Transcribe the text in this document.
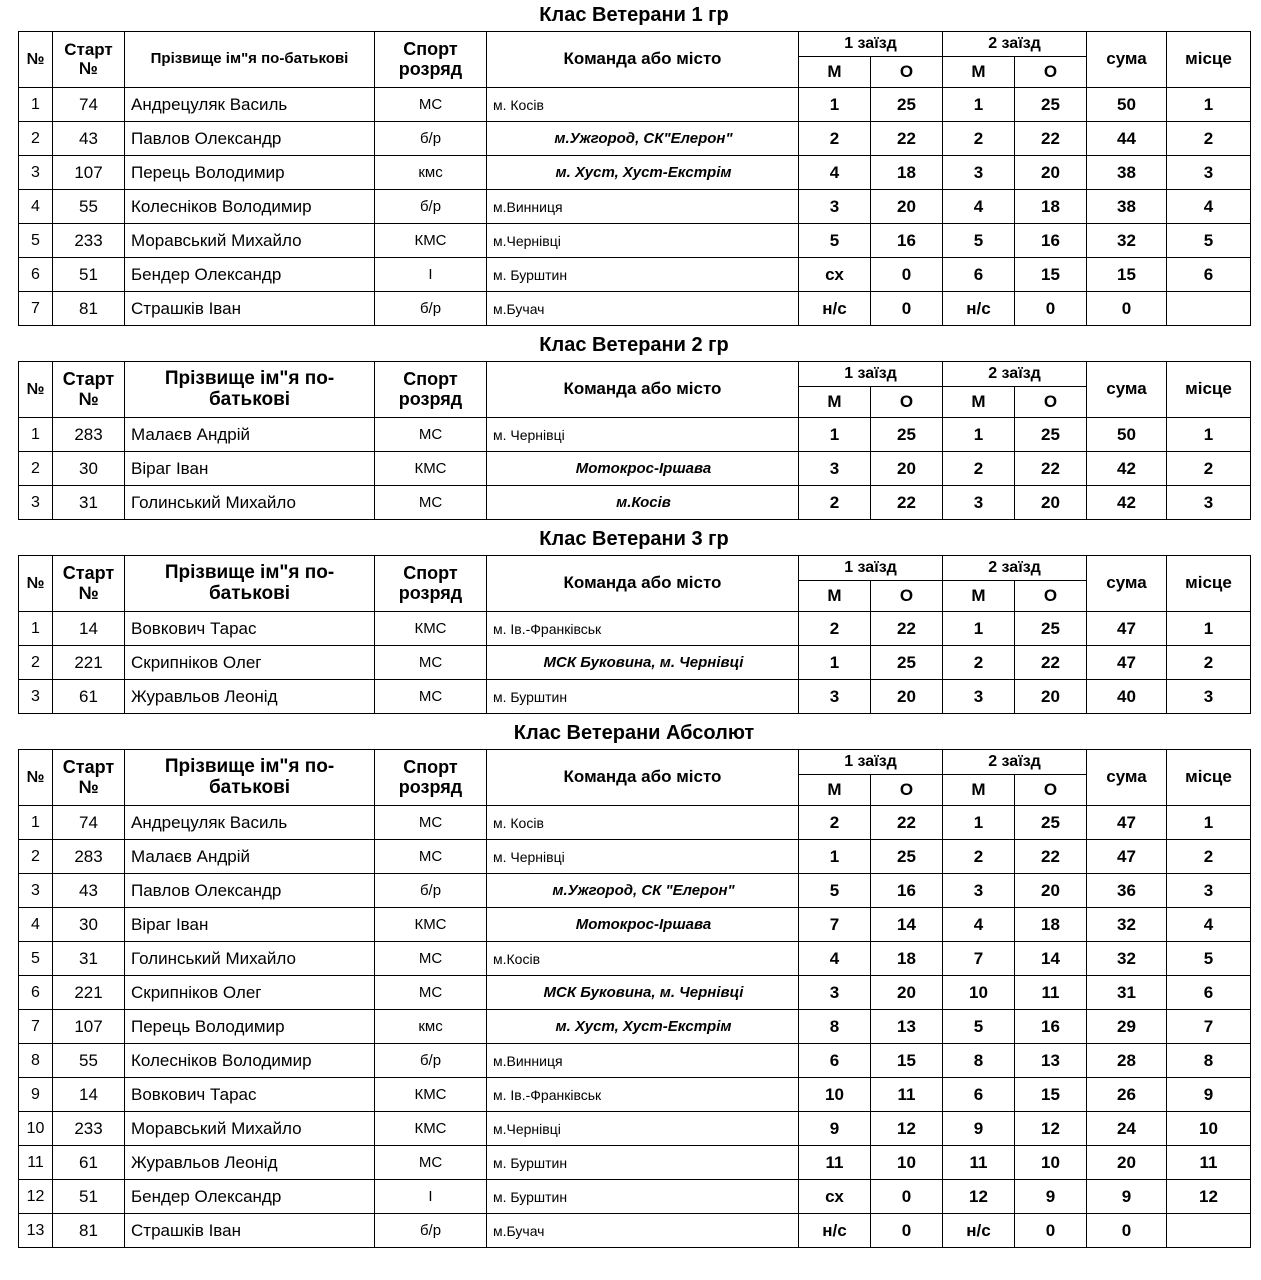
Клас Ветерани 1 гр
№	Старт №	Прізвище ім"я по-батькові	Спорт розряд	Команда або місто	1 заїзд		2 заїзд		сума	місце
					М	О	М	О		
1	74	Андрецуляк Василь	МС	м. Косів	1	25	1	25	50	1
2	43	Павлов Олександр	б/р	м.Ужгород, СК"Елерон"	2	22	2	22	44	2
3	107	Перець Володимир	кмс	м. Хуст, Хуст-Екстрім	4	18	3	20	38	3
4	55	Колесніков Володимир	б/р	м.Винниця	3	20	4	18	38	4
5	233	Моравський Михайло	КМС	м.Чернівці	5	16	5	16	32	5
6	51	Бендер Олександр	І	м. Бурштин	сх	0	6	15	15	6
7	81	Страшків Іван	б/р	м.Бучач	н/с	0	н/с	0	0	
Клас Ветерани 2 гр
№	Старт №	Прізвище ім"я по-батькові	Спорт розряд	Команда або місто	1 заїзд		2 заїзд		сума	місце
					М	О	М	О		
1	283	Малаєв Андрій	МС	м. Чернівці	1	25	1	25	50	1
2	30	Віраг Іван	КМС	Мотокрос-Іршава	3	20	2	22	42	2
3	31	Голинський Михайло	МС	м.Косів	2	22	3	20	42	3
Клас Ветерани 3 гр
№	Старт №	Прізвище ім"я по-батькові	Спорт розряд	Команда або місто	1 заїзд		2 заїзд		сума	місце
					М	О	М	О		
1	14	Вовкович Тарас	КМС	м. Ів.-Франківськ	2	22	1	25	47	1
2	221	Скрипніков Олег	МС	МСК Буковина, м. Чернівці	1	25	2	22	47	2
3	61	Журавльов Леонід	МС	м. Бурштин	3	20	3	20	40	3
Клас Ветерани Абсолют
№	Старт №	Прізвище ім"я по-батькові	Спорт розряд	Команда або місто	1 заїзд		2 заїзд		сума	місце
					М	О	М	О		
1	74	Андрецуляк Василь	МС	м. Косів	2	22	1	25	47	1
2	283	Малаєв Андрій	МС	м. Чернівці	1	25	2	22	47	2
3	43	Павлов Олександр	б/р	м.Ужгород, СК "Елерон"	5	16	3	20	36	3
4	30	Віраг Іван	КМС	Мотокрос-Іршава	7	14	4	18	32	4
5	31	Голинський Михайло	МС	м.Косів	4	18	7	14	32	5
6	221	Скрипніков Олег	МС	МСК Буковина, м. Чернівці	3	20	10	11	31	6
7	107	Перець Володимир	кмс	м. Хуст, Хуст-Екстрім	8	13	5	16	29	7
8	55	Колесніков Володимир	б/р	м.Винниця	6	15	8	13	28	8
9	14	Вовкович Тарас	КМС	м. Ів.-Франківськ	10	11	6	15	26	9
10	233	Моравський Михайло	КМС	м.Чернівці	9	12	9	12	24	10
11	61	Журавльов Леонід	МС	м. Бурштин	11	10	11	10	20	11
12	51	Бендер Олександр	І	м. Бурштин	сх	0	12	9	9	12
13	81	Страшків Іван	б/р	м.Бучач	н/с	0	н/с	0	0	
